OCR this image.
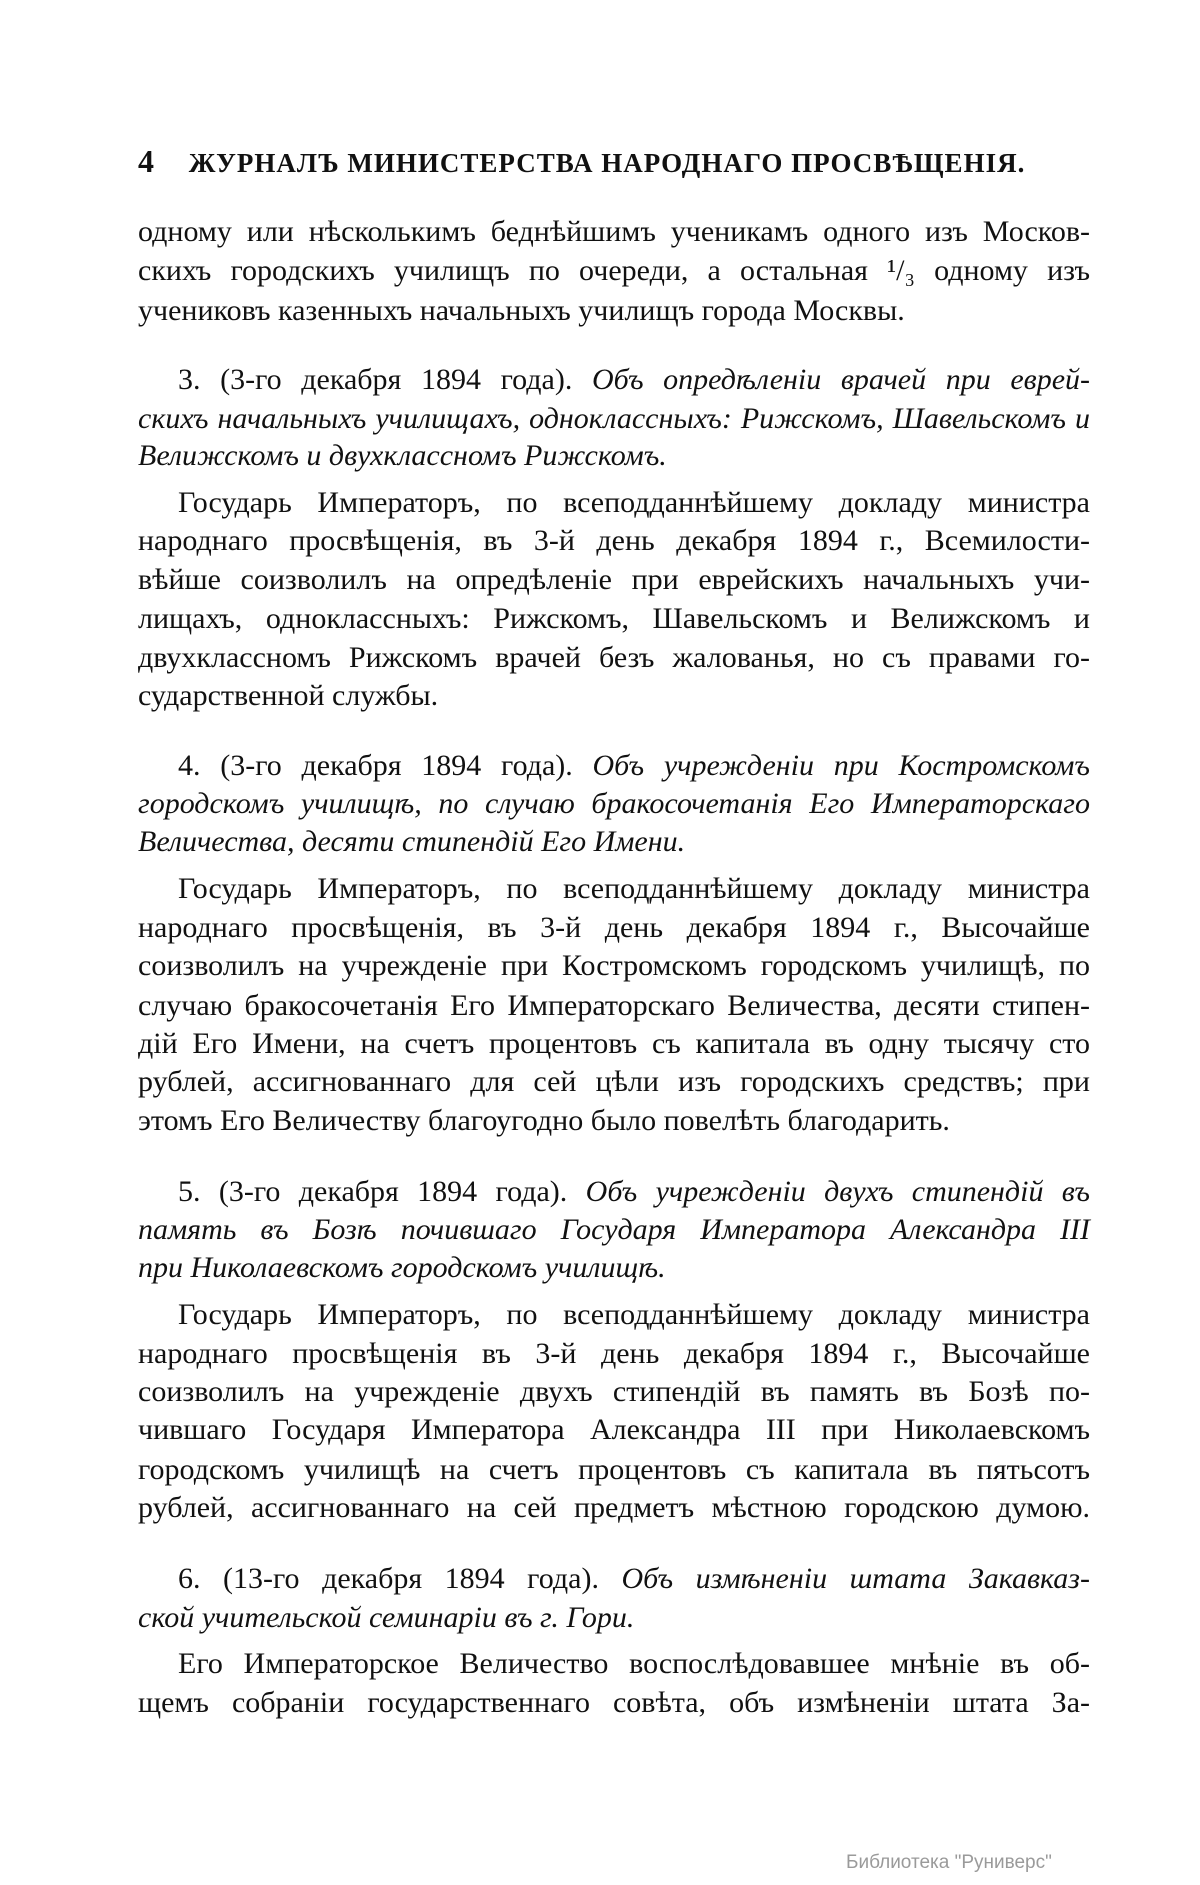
4 ЖУРНАЛЪ МИНИСТЕРСТВА НАРОДНАГО ПРОСВѢЩЕНІЯ.
одному или нѣсколькимъ беднѣйшимъ ученикамъ одного изъ Москов-
скихъ городскихъ училищъ по очереди, а остальная ¹/₃ одному изъ
учениковъ казенныхъ начальныхъ училищъ города Москвы.
3. (3-го декабря 1894 года). Объ опредѣленіи врачей при еврей-
скихъ начальныхъ училищахъ, одноклассныхъ: Рижскомъ, Шавельскомъ и
Велижскомъ и двухклассномъ Рижскомъ.
Государь Императоръ, по всеподданнѣйшему докладу министра
народнаго просвѣщенія, въ 3-й день декабря 1894 г., Всемилости-
вѣйше соизволилъ на опредѣленіе при еврейскихъ начальныхъ учи-
лищахъ, одноклассныхъ: Рижскомъ, Шавельскомъ и Велижскомъ и
двухклассномъ Рижскомъ врачей безъ жалованья, но съ правами го-
сударственной службы.
4. (3-го декабря 1894 года). Объ учрежденіи при Костромскомъ
городскомъ училищѣ, по случаю бракосочетанія Его Императорскаго
Величества, десяти стипендій Его Имени.
Государь Императоръ, по всеподданнѣйшему докладу министра
народнаго просвѣщенія, въ 3-й день декабря 1894 г., Высочайше
соизволилъ на учрежденіе при Костромскомъ городскомъ училищѣ, по
случаю бракосочетанія Его Императорскаго Величества, десяти стипен-
дій Его Имени, на счетъ процентовъ съ капитала въ одну тысячу сто
рублей, ассигнованнаго для сей цѣли изъ городскихъ средствъ; при
этомъ Его Величеству благоугодно было повелѣть благодарить.
5. (3-го декабря 1894 года). Объ учрежденіи двухъ стипендій въ
память въ Бозѣ почившаго Государя Императора Александра III
при Николаевскомъ городскомъ училищѣ.
Государь Императоръ, по всеподданнѣйшему докладу министра
народнаго просвѣщенія въ 3-й день декабря 1894 г., Высочайше
соизволилъ на учрежденіе двухъ стипендій въ память въ Бозѣ по-
чившаго Государя Императора Александра III при Николаевскомъ
городскомъ училищѣ на счетъ процентовъ съ капитала въ пятьсотъ
рублей, ассигнованнаго на сей предметъ мѣстною городскою думою.
6. (13-го декабря 1894 года). Объ измѣненіи штата Закавказ-
ской учительской семинаріи въ г. Гори.
Его Императорское Величество воспослѣдовавшее мнѣніе въ об-
щемъ собраніи государственнаго совѣта, объ измѣненіи штата За-
Библиотека "Руниверс"
